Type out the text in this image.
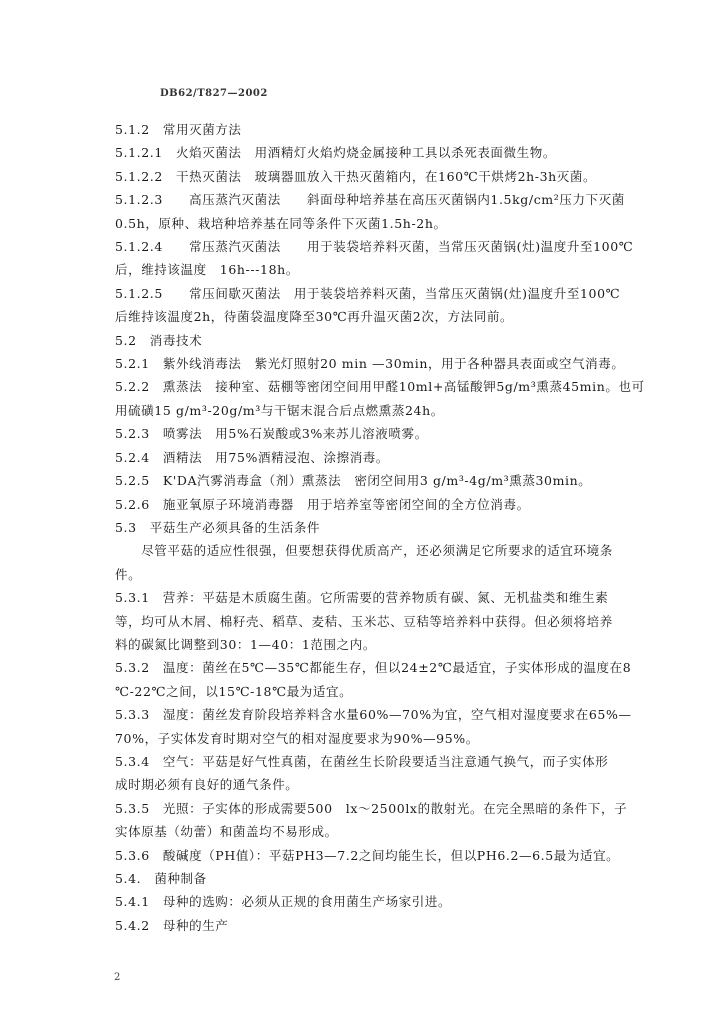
DB62/T827—2002

5.1.2　常用灭菌方法

5.1.2.1　火焰灭菌法　用酒精灯火焰灼烧金属接种工具以杀死表面微生物。

5.1.2.2　干热灭菌法　玻璃器皿放入干热灭菌箱内，在160℃干烘烤2h-3h灭菌。

5.1.2.3　　高压蒸汽灭菌法　　斜面母种培养基在高压灭菌锅内1.5kg/cm²压力下灭菌

0.5h，原种、栽培种培养基在同等条件下灭菌1.5h-2h。

5.1.2.4　　常压蒸汽灭菌法　　用于装袋培养料灭菌，当常压灭菌锅(灶)温度升至100℃

后，维持该温度　16h---18h。

5.1.2.5　　常压间歇灭菌法　用于装袋培养料灭菌，当常压灭菌锅(灶)温度升至100℃

后维持该温度2h，待菌袋温度降至30℃再升温灭菌2次，方法同前。

5.2　消毒技术

5.2.1　紫外线消毒法　紫光灯照射20 min —30min，用于各种器具表面或空气消毒。

5.2.2　熏蒸法　接种室、菇棚等密闭空间用甲醛10ml+高锰酸钾5g/m³熏蒸45min。也可

用硫磺15 g/m³-20g/m³与干锯末混合后点燃熏蒸24h。

5.2.3　喷雾法　用5%石炭酸或3%来苏儿溶液喷雾。

5.2.4　酒精法　用75%酒精浸泡、涂擦消毒。

5.2.5　K'DA汽雾消毒盒（剂）熏蒸法　密闭空间用3 g/m³-4g/m³熏蒸30min。

5.2.6　施亚氧原子环境消毒器　用于培养室等密闭空间的全方位消毒。

5.3　平菇生产必须具备的生活条件

　　尽管平菇的适应性很强，但要想获得优质高产，还必须满足它所要求的适宜环境条

件。

5.3.1　营养：平菇是木质腐生菌。它所需要的营养物质有碳、氮、无机盐类和维生素

等，均可从木屑、棉籽壳、稻草、麦秸、玉米芯、豆秸等培养料中获得。但必须将培养

料的碳氮比调整到30：1—40：1范围之内。

5.3.2　温度：菌丝在5℃—35℃都能生存，但以24±2℃最适宜，子实体形成的温度在8

℃-22℃之间，以15℃-18℃最为适宜。

5.3.3　湿度：菌丝发育阶段培养料含水量60%—70%为宜，空气相对湿度要求在65%—

70%，子实体发育时期对空气的相对湿度要求为90%—95%。

5.3.4　空气：平菇是好气性真菌，在菌丝生长阶段要适当注意通气换气，而子实体形

成时期必须有良好的通气条件。

5.3.5　光照：子实体的形成需要500　lx～2500lx的散射光。在完全黑暗的条件下，子

实体原基（幼蕾）和菌盖均不易形成。

5.3.6　酸碱度（PH值）：平菇PH3—7.2之间均能生长，但以PH6.2—6.5最为适宜。

5.4.　菌种制备

5.4.1　母种的选购：必须从正规的食用菌生产场家引进。

5.4.2　母种的生产

2
